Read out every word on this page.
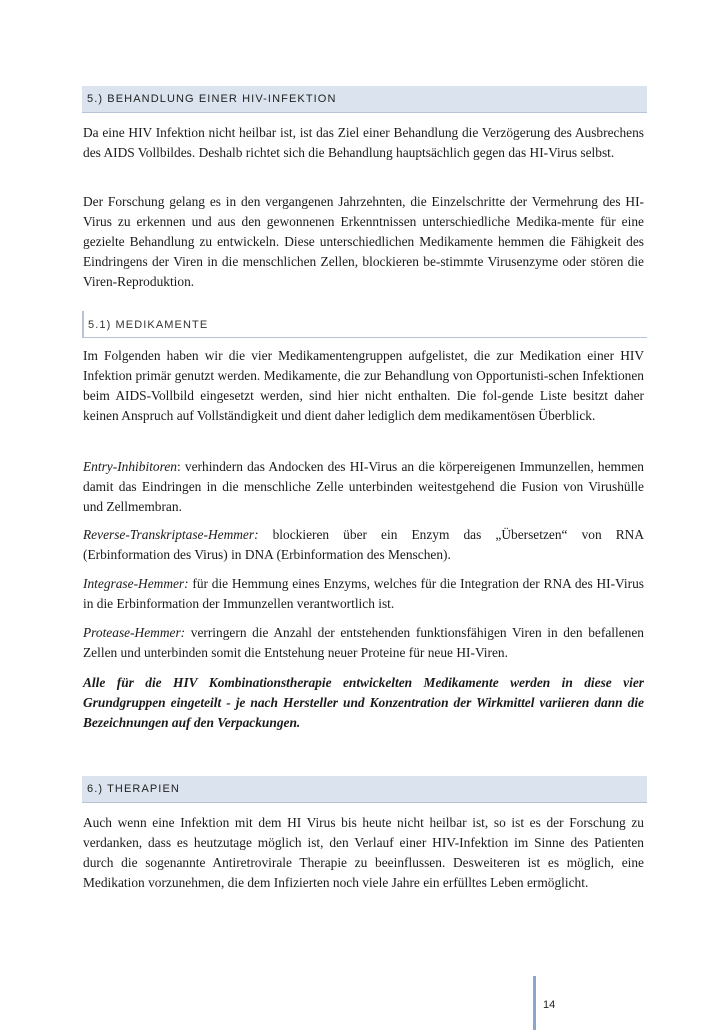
5.) BEHANDLUNG EINER HIV-INFEKTION

Da eine HIV Infektion nicht heilbar ist, ist das Ziel einer Behandlung die Verzögerung des Ausbrechens des AIDS Vollbildes. Deshalb richtet sich die Behandlung hauptsächlich gegen das HI-Virus selbst.

Der Forschung gelang es in den vergangenen Jahrzehnten, die Einzelschritte der Vermehrung des HI-Virus zu erkennen und aus den gewonnenen Erkenntnissen unterschiedliche Medika-mente für eine gezielte Behandlung zu entwickeln. Diese unterschiedlichen Medikamente hemmen die Fähigkeit des Eindringens der Viren in die menschlichen Zellen, blockieren be-stimmte Virusenzyme oder stören die Viren-Reproduktion.

5.1) MEDIKAMENTE

Im Folgenden haben wir die vier Medikamentengruppen aufgelistet, die zur Medikation einer HIV Infektion primär genutzt werden. Medikamente, die zur Behandlung von Opportunisti-schen Infektionen beim AIDS-Vollbild eingesetzt werden, sind hier nicht enthalten. Die fol-gende Liste besitzt daher keinen Anspruch auf Vollständigkeit und dient daher lediglich dem medikamentösen Überblick.

Entry-Inhibitoren: verhindern das Andocken des HI-Virus an die körpereigenen Immunzellen, hemmen damit das Eindringen in die menschliche Zelle unterbinden weitestgehend die Fusion von Virushülle und Zellmembran.

Reverse-Transkriptase-Hemmer: blockieren über ein Enzym das „Übersetzen“ von RNA (Erbinformation des Virus) in DNA (Erbinformation des Menschen).

Integrase-Hemmer: für die Hemmung eines Enzyms, welches für die Integration der RNA des HI-Virus in die Erbinformation der Immunzellen verantwortlich ist.

Protease-Hemmer: verringern die Anzahl der entstehenden funktionsfähigen Viren in den befallenen Zellen und unterbinden somit die Entstehung neuer Proteine für neue HI-Viren.

Alle für die HIV Kombinationstherapie entwickelten Medikamente werden in diese vier Grundgruppen eingeteilt - je nach Hersteller und Konzentration der Wirkmittel variieren dann die Bezeichnungen auf den Verpackungen.

6.) THERAPIEN

Auch wenn eine Infektion mit dem HI Virus bis heute nicht heilbar ist, so ist es der Forschung zu verdanken, dass es heutzutage möglich ist, den Verlauf einer HIV-Infektion im Sinne des Patienten durch die sogenannte Antiretrovirale Therapie zu beeinflussen. Desweiteren ist es möglich, eine Medikation vorzunehmen, die dem Infizierten noch viele Jahre ein erfülltes Leben ermöglicht.

14
